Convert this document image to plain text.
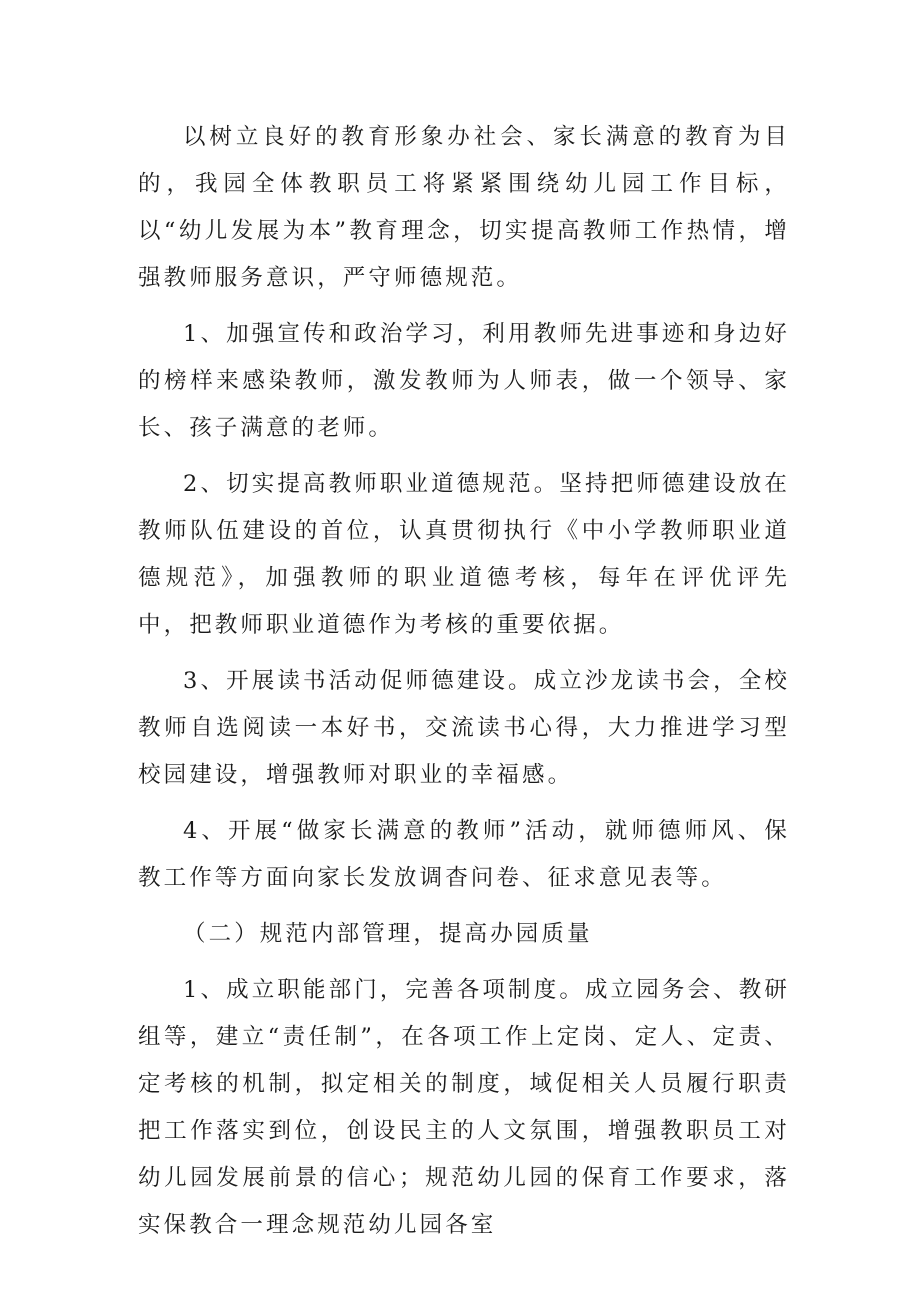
以树立良好的教育形象办社会、家长满意的教育为目的，我园全体教职员工将紧紧围绕幼儿园工作目标，以“幼儿发展为本”教育理念，切实提高教师工作热情，增强教师服务意识，严守师德规范。

1、加强宣传和政治学习，利用教师先进事迹和身边好的榜样来感染教师，激发教师为人师表，做一个领导、家长、孩子满意的老师。

2、切实提高教师职业道德规范。坚持把师德建设放在教师队伍建设的首位，认真贯彻执行《中小学教师职业道德规范》，加强教师的职业道德考核，每年在评优评先中，把教师职业道德作为考核的重要依据。

3、开展读书活动促师德建设。成立沙龙读书会，全校教师自选阅读一本好书，交流读书心得，大力推进学习型校园建设，增强教师对职业的幸福感。

4、开展“做家长满意的教师”活动，就师德师风、保教工作等方面向家长发放调杳问卷、征求意见表等。

（二）规范内部管理，提高办园质量

1、成立职能部门，完善各项制度。成立园务会、教研组等，建立“责任制”，在各项工作上定岗、定人、定责、定考核的机制，拟定相关的制度，域促相关人员履行职责把工作落实到位，创设民主的人文氛围，增强教职员工对幼儿园发展前景的信心；规范幼儿园的保育工作要求，落实保教合一理念规范幼儿园各室
